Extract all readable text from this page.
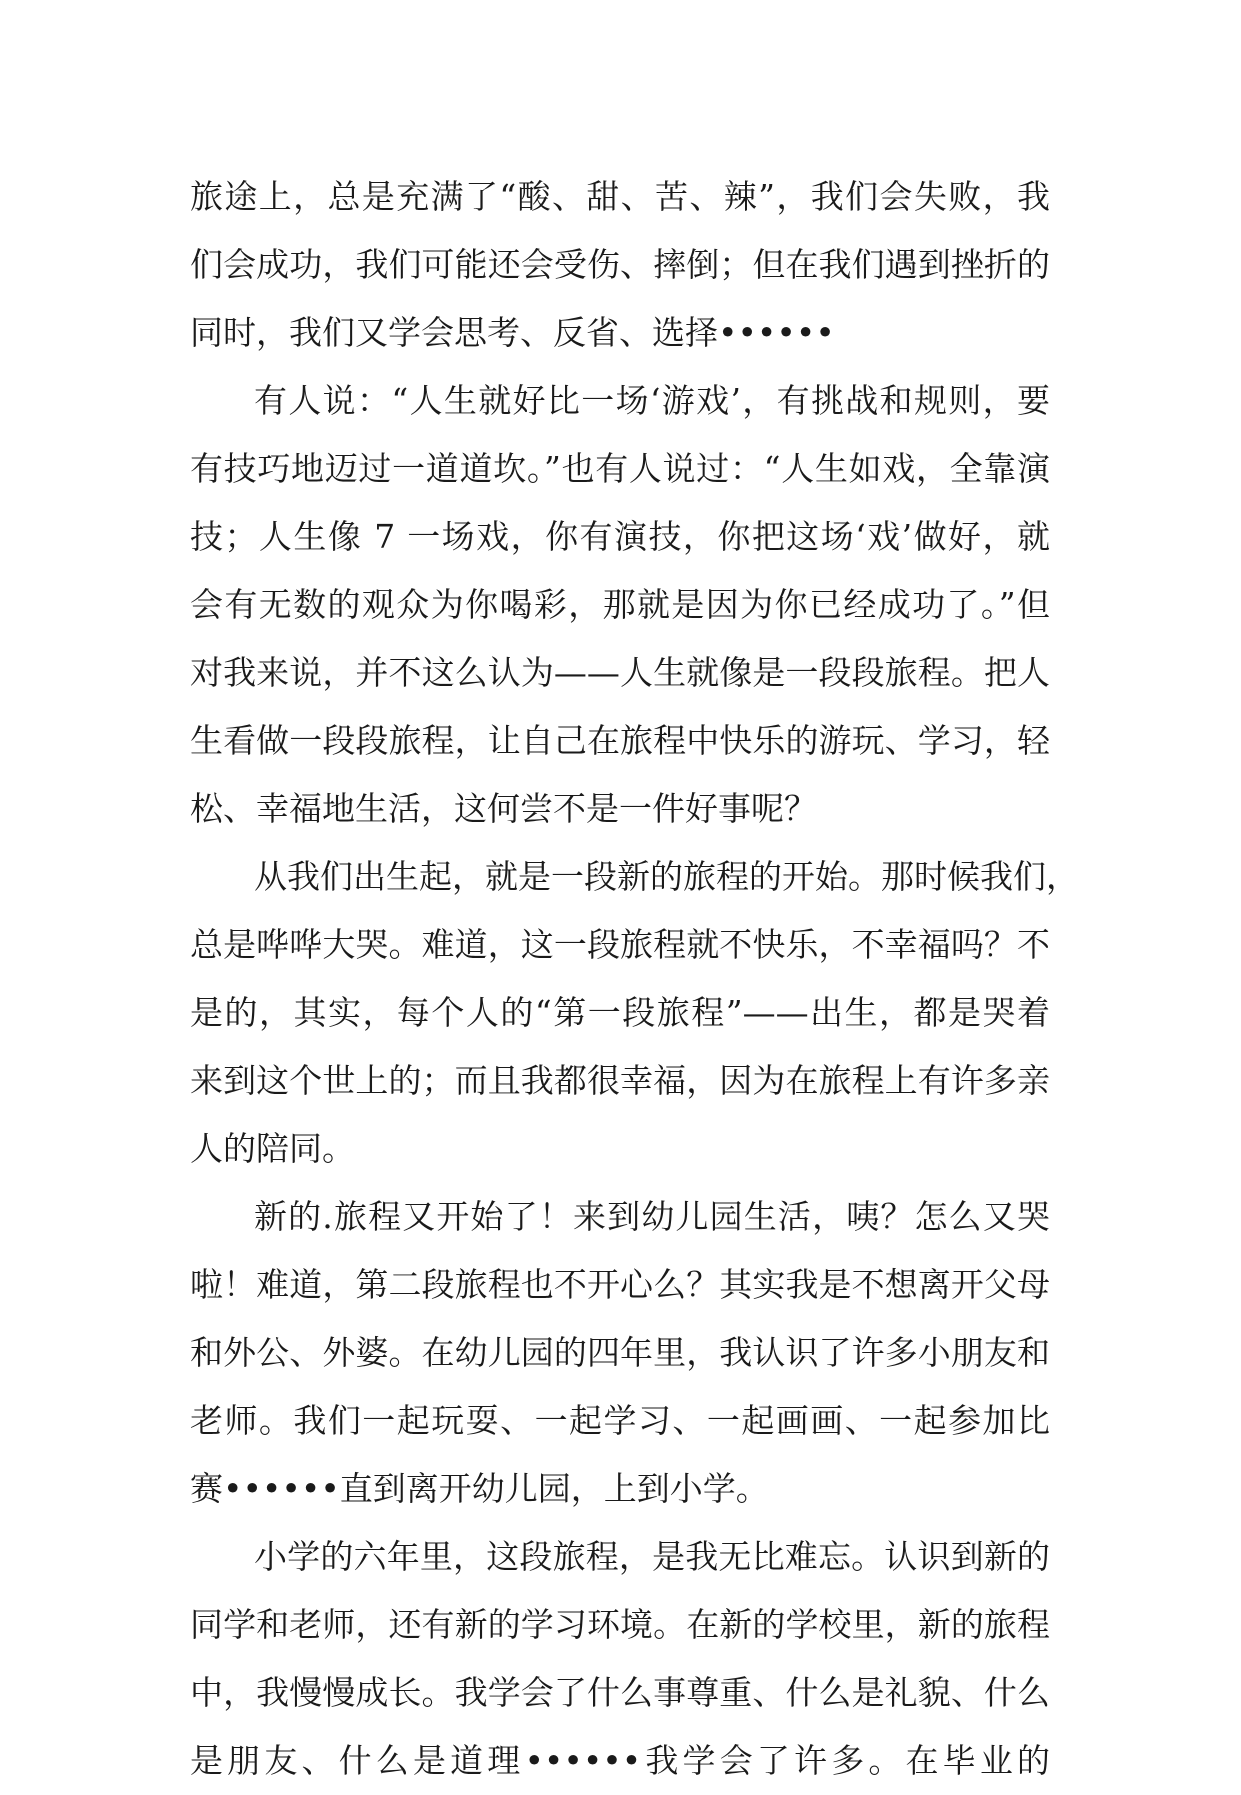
旅途上，总是充满了“酸、甜、苦、辣”，我们会失败，我
们会成功，我们可能还会受伤、摔倒；但在我们遇到挫折的
同时，我们又学会思考、反省、选择••••••
有人说：“人生就好比一场‘游戏’，有挑战和规则，要
有技巧地迈过一道道坎。”也有人说过：“人生如戏，全靠演
技；人生像 7 一场戏，你有演技，你把这场‘戏’做好，就
会有无数的观众为你喝彩，那就是因为你已经成功了。”但
对我来说，并不这么认为——人生就像是一段段旅程。把人
生看做一段段旅程，让自己在旅程中快乐的游玩、学习，轻
松、幸福地生活，这何尝不是一件好事呢？
从我们出生起，就是一段新的旅程的开始。那时候我们，
总是哗哗大哭。难道，这一段旅程就不快乐，不幸福吗？不
是的，其实，每个人的“第一段旅程”——出生，都是哭着
来到这个世上的；而且我都很幸福，因为在旅程上有许多亲
人的陪同。
新的.旅程又开始了！来到幼儿园生活，咦？怎么又哭
啦！难道，第二段旅程也不开心么？其实我是不想离开父母
和外公、外婆。在幼儿园的四年里，我认识了许多小朋友和
老师。我们一起玩耍、一起学习、一起画画、一起参加比
赛••••••直到离开幼儿园，上到小学。
小学的六年里，这段旅程，是我无比难忘。认识到新的
同学和老师，还有新的学习环境。在新的学校里，新的旅程
中，我慢慢成长。我学会了什么事尊重、什么是礼貌、什么
是朋友、什么是道理••••••我学会了许多。在毕业的
